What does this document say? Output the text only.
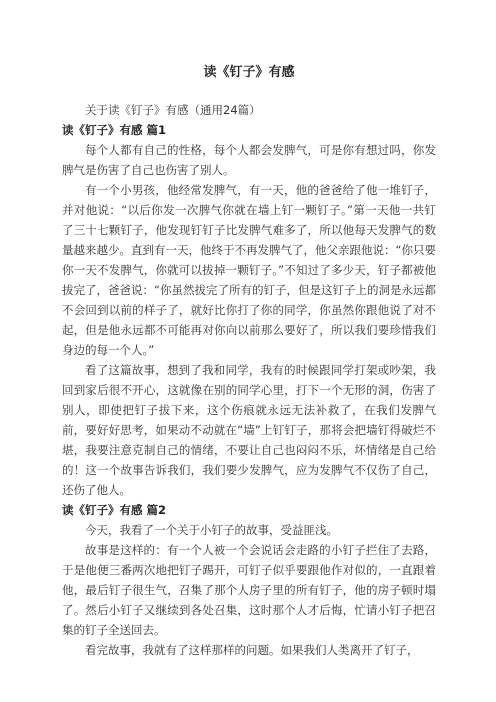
读《钉子》有感

关于读《钉子》有感（通用24篇）

读《钉子》有感 篇1

每个人都有自己的性格，每个人都会发脾气，可是你有想过吗，你发脾气是伤害了自己也伤害了别人。

有一个小男孩，他经常发脾气，有一天，他的爸爸给了他一堆钉子，并对他说：“以后你发一次脾气你就在墙上钉一颗钉子。”第一天他一共钉了三十七颗钉子，他发现钉钉子比发脾气难多了，所以他每天发脾气的数量越来越少。直到有一天，他终于不再发脾气了，他父亲跟他说：“你只要你一天不发脾气，你就可以拔掉一颗钉子。”不知过了多少天，钉子都被他拔完了，爸爸说：“你虽然拔完了所有的钉子，但是这钉子上的洞是永远都不会回到以前的样子了，就好比你打了你的同学，你虽然你跟他说了对不起，但是他永远都不可能再对你向以前那么要好了，所以我们要珍惜我们身边的每一个人。”

看了这篇故事，想到了我和同学，我有的时候跟同学打架或吵架，我回到家后很不开心，这就像在别的同学心里，打下一个无形的洞，伤害了别人，即使把钉子拔下来，这个伤痕就永远无法补救了，在我们发脾气前，要好好思考，如果动不动就在“墙”上钉钉子，那将会把墙钉得破烂不堪，我要注意克制自己的情绪，不要让自己也闷闷不乐，坏情绪是自己给的！这一个故事告诉我们，我们要少发脾气，应为发脾气不仅伤了自己，还伤了他人。

读《钉子》有感 篇2

今天，我看了一个关于小钉子的故事，受益匪浅。

故事是这样的：有一个人被一个会说话会走路的小钉子拦住了去路，于是他便三番两次地把钉子踢开，可钉子似乎要跟他作对似的，一直跟着他，最后钉子很生气，召集了那个人房子里的所有钉子，他的房子顿时塌了。然后小钉子又继续到各处召集，这时那个人才后悔，忙请小钉子把召集的钉子全送回去。

看完故事，我就有了这样那样的问题。如果我们人类离开了钉子，
